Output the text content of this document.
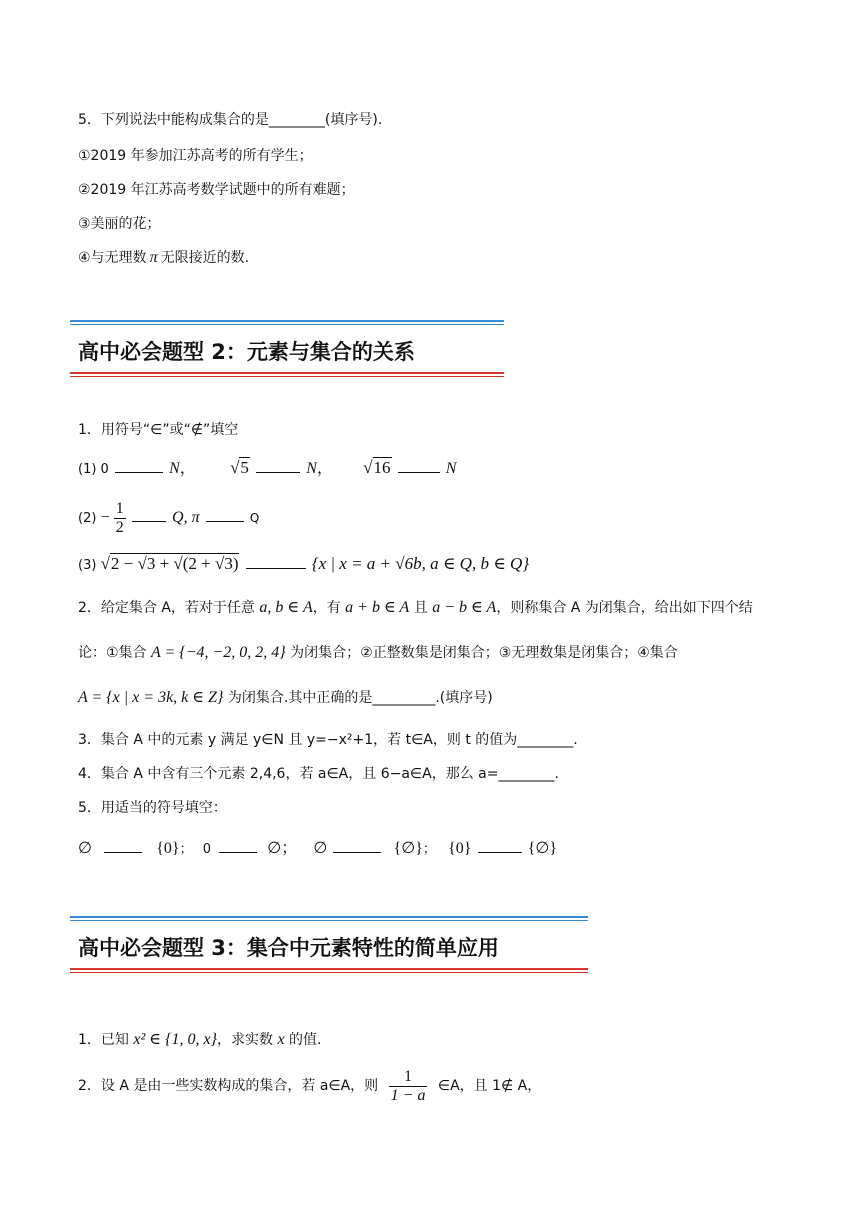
5．下列说法中能构成集合的是________(填序号).
①2019 年参加江苏高考的所有学生；
②2019 年江苏高考数学试题中的所有难题；
③美丽的花；
④与无理数 π 无限接近的数.
高中必会题型 2：元素与集合的关系
1．用符号“∈”或“∉”填空
(1) 0	N， √5	N， √16	N
$(2) - \frac{1}{2}$	Q, π	Q
(3) √2 − √3 + √(2 + √3)	{x | x = a + √6b, a ∈ Q, b ∈ Q}
2．给定集合 A，若对于任意 a, b ∈ A，有 a + b ∈ A 且 a − b ∈ A，则称集合 A 为闭集合，给出如下四个结
论：①集合 A = {−4, −2, 0, 2, 4} 为闭集合；②正整数集是闭集合；③无理数集是闭集合；④集合
A = {x | x = 3k, k ∈ Z} 为闭集合.其中正确的是_________.(填序号)
3．集合 A 中的元素 y 满足 y∈N 且 y=−x²+1，若 t∈A，则 t 的值为________.
4．集合 A 中含有三个元素 2,4,6，若 a∈A，且 6−a∈A，那么 a=________.
5．用适当的符号填空：
∅	{0}； 0	∅； ∅	{∅}； {0}	{∅}
高中必会题型 3：集合中元素特性的简单应用
1．已知 x² ∈ {1, 0, x}，求实数 x 的值.
2．设 A 是由一些实数构成的集合，若 a∈A，则 $\frac{1}{1 - a}$ ∈A，且 1∉ A，
